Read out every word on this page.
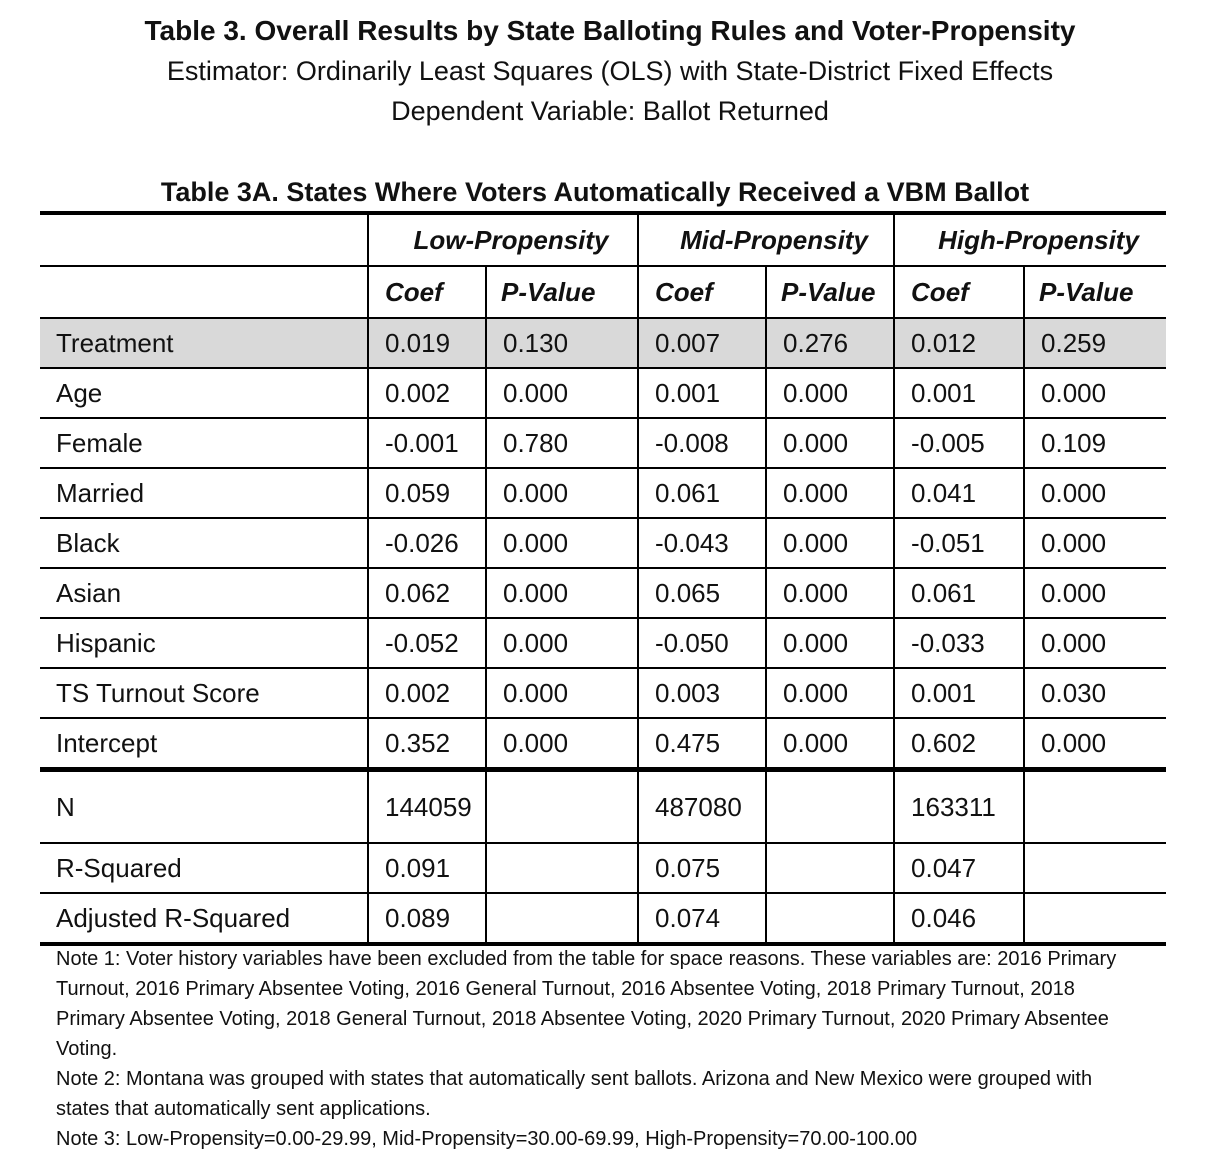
Table 3. Overall Results by State Balloting Rules and Voter-Propensity
Estimator: Ordinarily Least Squares (OLS) with State-District Fixed Effects
Dependent Variable: Ballot Returned
Table 3A. States Where Voters Automatically Received a VBM Ballot
	Low-Propensity		Mid-Propensity		High-Propensity	
	Coef	P-Value	Coef	P-Value	Coef	P-Value
Treatment	0.019	0.130	0.007	0.276	0.012	0.259
Age	0.002	0.000	0.001	0.000	0.001	0.000
Female	-0.001	0.780	-0.008	0.000	-0.005	0.109
Married	0.059	0.000	0.061	0.000	0.041	0.000
Black	-0.026	0.000	-0.043	0.000	-0.051	0.000
Asian	0.062	0.000	0.065	0.000	0.061	0.000
Hispanic	-0.052	0.000	-0.050	0.000	-0.033	0.000
TS Turnout Score	0.002	0.000	0.003	0.000	0.001	0.030
Intercept	0.352	0.000	0.475	0.000	0.602	0.000
N	144059		487080		163311	
R-Squared	0.091		0.075		0.047	
Adjusted R-Squared	0.089		0.074		0.046	

Note 1: Voter history variables have been excluded from the table for space reasons. These variables are: 2016 Primary Turnout, 2016 Primary Absentee Voting, 2016 General Turnout, 2016 Absentee Voting, 2018 Primary Turnout, 2018 Primary Absentee Voting, 2018 General Turnout, 2018 Absentee Voting, 2020 Primary Turnout, 2020 Primary Absentee Voting.

Note 2: Montana was grouped with states that automatically sent ballots. Arizona and New Mexico were grouped with states that automatically sent applications.

Note 3: Low-Propensity=0.00-29.99, Mid-Propensity=30.00-69.99, High-Propensity=70.00-100.00
